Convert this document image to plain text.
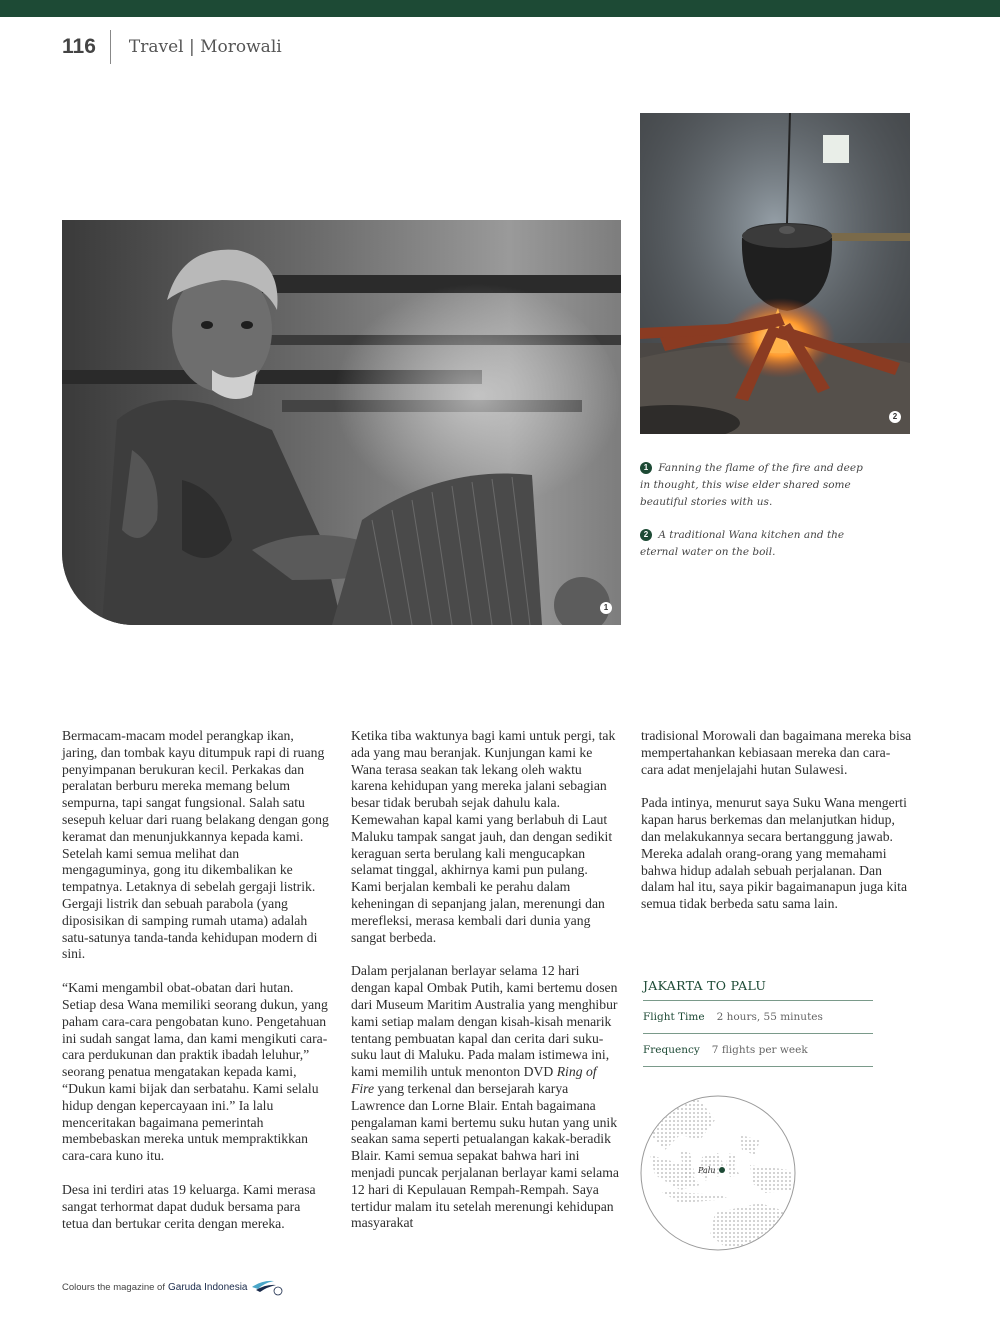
116 Travel | Morowali
1
2

1 Fanning the flame of the fire and deep in thought, this wise elder shared some beautiful stories with us.

2 A traditional Wana kitchen and the eternal water on the boil.

Bermacam-macam model perangkap ikan, jaring, dan tombak kayu ditumpuk rapi di ruang penyimpanan berukuran kecil. Perkakas dan peralatan berburu mereka memang belum sempurna, tapi sangat fungsional. Salah satu sesepuh keluar dari ruang belakang dengan gong keramat dan menunjukkannya kepada kami. Setelah kami semua melihat dan mengaguminya, gong itu dikembalikan ke tempatnya. Letaknya di sebelah gergaji listrik. Gergaji listrik dan sebuah parabola (yang diposisikan di samping rumah utama) adalah satu-satunya tanda-tanda kehidupan modern di sini.

“Kami mengambil obat-obatan dari hutan. Setiap desa Wana memiliki seorang dukun, yang paham cara-cara pengobatan kuno. Pengetahuan ini sudah sangat lama, dan kami mengikuti cara-cara perdukunan dan praktik ibadah leluhur,” seorang penatua mengatakan kepada kami, “Dukun kami bijak dan serbatahu. Kami selalu hidup dengan kepercayaan ini.” Ia lalu menceritakan bagaimana pemerintah membebaskan mereka untuk mempraktikkan cara-cara kuno itu.

Desa ini terdiri atas 19 keluarga. Kami merasa sangat terhormat dapat duduk bersama para tetua dan bertukar cerita dengan mereka.

Ketika tiba waktunya bagi kami untuk pergi, tak ada yang mau beranjak. Kunjungan kami ke Wana terasa seakan tak lekang oleh waktu karena kehidupan yang mereka jalani sebagian besar tidak berubah sejak dahulu kala. Kemewahan kapal kami yang berlabuh di Laut Maluku tampak sangat jauh, dan dengan sedikit keraguan serta berulang kali mengucapkan selamat tinggal, akhirnya kami pun pulang. Kami berjalan kembali ke perahu dalam keheningan di sepanjang jalan, merenungi dan merefleksi, merasa kembali dari dunia yang sangat berbeda.

Dalam perjalanan berlayar selama 12 hari dengan kapal Ombak Putih, kami bertemu dosen dari Museum Maritim Australia yang menghibur kami setiap malam dengan kisah-kisah menarik tentang pembuatan kapal dan cerita dari suku-suku laut di Maluku. Pada malam istimewa ini, kami memilih untuk menonton DVD Ring of Fire yang terkenal dan bersejarah karya Lawrence dan Lorne Blair. Entah bagaimana pengalaman kami bertemu suku hutan yang unik seakan sama seperti petualangan kakak-beradik Blair. Kami semua sepakat bahwa hari ini menjadi puncak perjalanan berlayar kami selama 12 hari di Kepulauan Rempah-Rempah. Saya tertidur malam itu setelah merenungi kehidupan masyarakat

tradisional Morowali dan bagaimana mereka bisa mempertahankan kebiasaan mereka dan cara-cara adat menjelajahi hutan Sulawesi.

Pada intinya, menurut saya Suku Wana mengerti kapan harus berkemas dan melanjutkan hidup, dan melakukannya secara bertanggung jawab. Mereka adalah orang-orang yang memahami bahwa hidup adalah sebuah perjalanan. Dan dalam hal itu, saya pikir bagaimanapun juga kita semua tidak berbeda satu sama lain.

JAKARTA TO PALU
Flight Time 2 hours, 55 minutes
Frequency 7 flights per week
Palu
Colours the magazine of Garuda Indonesia
